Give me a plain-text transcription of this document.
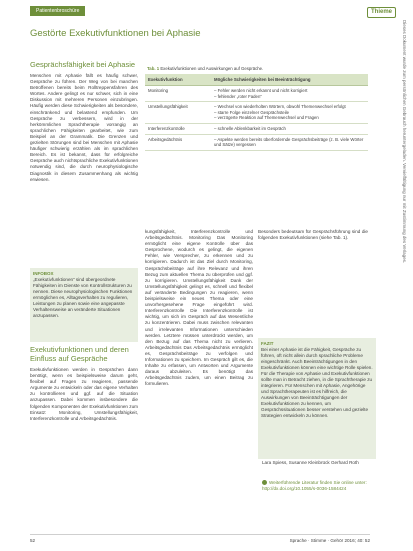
Patientenbroschüre	Thieme
Gestörte Exekutivfunktionen bei Aphasie

Gesprächsfähigkeit bei Aphasie

Menschen mit Aphasie fällt es häufig schwer, Gespräche zu führen. Der Weg von bei manchen Betroffenen bereits beim Rolltreppensfahren des Wortes. Andere gelingt es nur schwer, sich in eine Diskussion mit mehreren Personen einzubringen. Häufig werden diese Schwierigkeiten als besondere, einschränkend und belastend empfunden. Um Gespräche zu verbessern, wird in der herkömmlichen Sprachtherapie vorrangig an sprachlichen Fähigkeiten gearbeitet, wie zum Beispiel an der Grammatik. Die Grenzen und gezielten Störungen sind bei Menschen mit Aphasie häufiger schwierig erzählen als im sprachlichen Bereich. Es ist bekannt, dass für erfolgreiche Gespräche auch nichtsprachliche Exekutivfunktionen notwendig sind, die durch neurophysiologische Diagnostik in diesem Zusammenhang als wichtig erwiesen.

INFOBOX

„Exekutivfunktionen“ sind übergeordnete Fähigkeiten im Dienste von Kontrollstrukturen zu nennen. Diese neurophysiologischen Funktionen ermöglichen es, Alltagsverhalten zu regulieren, Leistungen zu planen sowie eine angepasste Verhaltensweise an veränderte Situationen anzupassen.

Exekutivfunktionen und deren Einfluss auf Gespräche

Exekutivfunktionen werden in Gesprächen dann benötigt, wenn es beispielsweise darum geht, flexibel auf Fragen zu reagieren, passende Argumente zu entwickeln oder das eigene Verhalten zu kontrollieren und ggf. auf die Situation anzupassen. Dabei kommen insbesondere die folgenden Komponenten der Exekutivfunktionen zum Einsatz: Monitoring, Umstellungsfähigkeit, Interferenzkontrolle und Arbeitsgedächtnis.

Tab. 1 Exekutivfunktionen und Auswirkungen auf Gespräche.

Exekutivfunktion	Mögliche Schwierigkeiten bei Beeinträchtigung
Monitoring	– Fehler werden nicht erkannt und nicht korrigiert
– fehlender „roter Faden“
Umstellungsfähigkeit	– Wechsel von wiederholten Wörtern, obwohl Themenwechsel erfolgt
– starre Folge einzelner Gesprächsteile
– verzögerte Reaktion auf Themenwechsel und Fragen
Interferenzkontrolle	– schnelle Ablenkbarkeit im Gespräch
Arbeitsgedächtnis	– Aspekte werden bereits überfordernde Gesprächsbeiträge (z. B. viele Wörter und Sätze) vergessen

kungsfähigkeit, Interferenzkontrolle und Arbeitsgedächtnis. Monitoring Das Monitoring ermöglicht eine eigene Kontrolle über das Gesprochene, wodurch es gelingt, die eigenen Fehler, wie Versprecher, zu erkennen und zu korrigieren. Dadurch ist das Ziel durch Monitoring, Gesprächsbeiträge auf ihre Relevanz und ihren Bezug zum aktuellen Thema zu überprüfen und ggf. zu korrigieren. Umstellungsfähigkeit Dank der Umstellungsfähigkeit gelingt es, schnell und flexibel auf veränderte Bedingungen zu reagieren, wenn beispielsweise ein neues Thema oder eine unvorhergesehene Frage eingeführt wird. Interferenzkontrolle Die Interferenzkontrolle ist wichtig, um sich im Gespräch auf das Wesentliche zu konzentrieren. Dabei muss zwischen relevanten und irrelevanten Informationen unterschieden werden. Letztere müssen unterdrückt werden, um den Bezug auf das Thema nicht zu verlieren. Arbeitsgedächtnis Das Arbeitsgedächtnis ermöglicht es, Gesprächsbeiträge zu verfolgen und Informationen zu speichern. Im Gespräch gilt es, die Inhalte zu erfassen, um Antworten und Argumente daraus abzuleiten. Es benötigt das Arbeitsgedächtnis zudem, um einen Beitrag zu formulieren.

Besonders bedeutsam für Gesprächsführung sind die folgenden Exekutivfunktionen (siehe Tab. 1).

FAZIT

Bei einer Aphasie ist die Fähigkeit, Gespräche zu führen, oft nicht allein durch sprachliche Probleme eingeschränkt. Auch Beeinträchtigungen in den Exekutivfunktionen können eine wichtige Rolle spielen. Für die Therapie von Aphasie und Exekutivfunktionen sollte man in Betracht ziehen, in die Sprachtherapie zu integrieren. Für Menschen mit Aphasie, Angehörige und Sprachtherapeuten ist es hilfreich, die Auswirkungen von Beeinträchtigungen der Exekutivfunktionen zu kennen, um Gesprächssituationen besser verstehen und gezielte Strategien entwickeln zu können.

Lara Spiess, Susanne Kleinbrück Gerhard Roth
Weiterführende Literatur finden Sie online unter:
http://dx.doi.org/10.1055/s-0036-1584424
Dieses Dokument wurde zum persönlichen Gebrauch heruntergeladen. Vervielfältigung nur mit Zustimmung des Verlages.
52	Sprache · Stimme · Gehör 2016; 40: 52
